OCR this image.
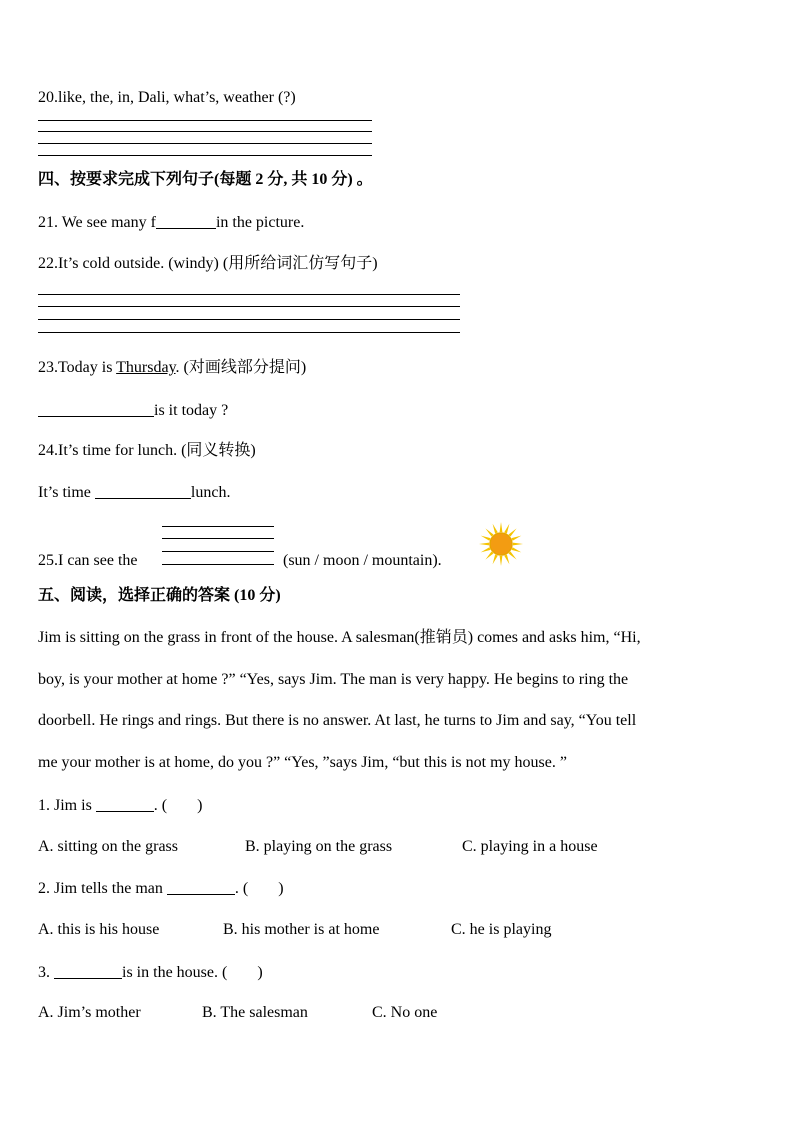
20.like, the, in, Dali, what’s, weather (?)
四、按要求完成下列句子(每题 2 分, 共 10 分) 。
21. We see many f	in the picture.
22.It’s cold outside. (windy) (用所给词汇仿写句子)
23.Today is Thursday. (对画线部分提问)
is it today ?
24.It’s time for lunch. (同义转换)
It’s time	lunch.
25.I can see the	(sun / moon / mountain).
五、阅读，选择正确的答案 (10 分)
Jim is sitting on the grass in front of the house. A salesman(推销员) comes and asks him, “Hi,
boy, is your mother at home ?” “Yes, says Jim. The man is very happy. He begins to ring the
doorbell. He rings and rings. But there is no answer. At last, he turns to Jim and say, “You tell
me your mother is at home, do you ?” “Yes, ”says Jim, “but this is not my house. ”
1. Jim is	. ( )
A. sitting on the grass	B. playing on the grass	C. playing in a house
2. Jim tells the man	. ( )
A. this is his house	B. his mother is at home	C. he is playing
3.	is in the house. ( )
A. Jim’s mother	B. The salesman	C. No one
